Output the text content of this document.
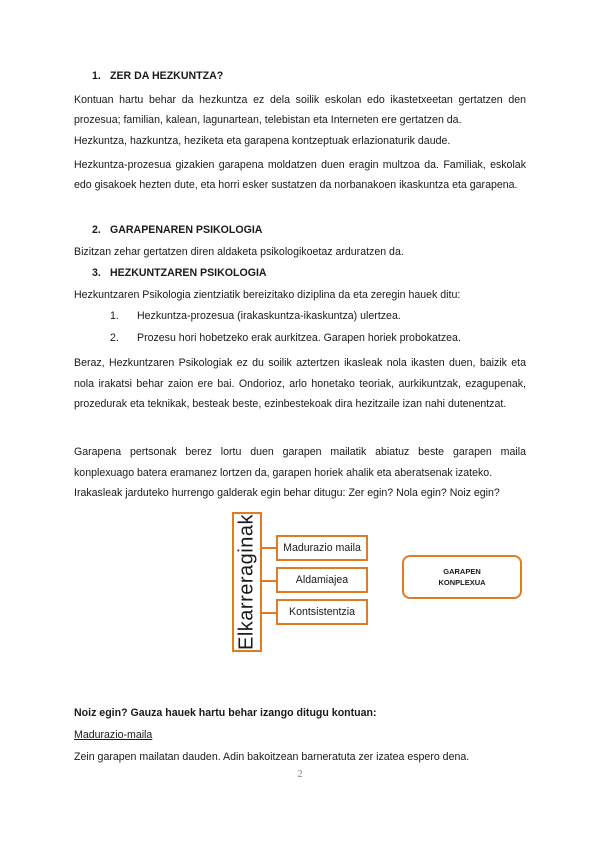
1. ZER DA HEZKUNTZA?
Kontuan hartu behar da hezkuntza ez dela soilik eskolan edo ikastetxeetan gertatzen den prozesua; familian, kalean, lagunartean, telebistan eta Interneten ere gertatzen da.
Hezkuntza, hazkuntza, heziketa eta garapena kontzeptuak erlazionaturik daude.
Hezkuntza-prozesua gizakien garapena moldatzen duen eragin multzoa da. Familiak, eskolak edo gisakoek hezten dute, eta horri esker sustatzen da norbanakoen ikaskuntza eta garapena.
2. GARAPENAREN PSIKOLOGIA
Bizitzan zehar gertatzen diren aldaketa psikologikoetaz arduratzen da.
3. HEZKUNTZAREN PSIKOLOGIA
Hezkuntzaren Psikologia zientziatik bereizitako diziplina da eta zeregin hauek ditu:
1. Hezkuntza-prozesua (irakaskuntza-ikaskuntza) ulertzea.
2. Prozesu hori hobetzeko erak aurkitzea. Garapen horiek probokatzea.
Beraz, Hezkuntzaren Psikologiak ez du soilik aztertzen ikasleak nola ikasten duen, baizik eta nola irakatsi behar zaion ere bai. Ondorioz, arlo honetako teoriak, aurkikuntzak, ezagupenak, prozedurak eta teknikak, besteak beste, ezinbestekoak dira hezitzaile izan nahi dutenentzat.
Garapena pertsonak berez lortu duen garapen mailatik abiatuz beste garapen maila konplexuago batera eramanez lortzen da, garapen horiek ahalik eta aberatsenak izateko.
Irakasleak jarduteko hurrengo galderak egin behar ditugu: Zer egin? Nola egin? Noiz egin?
Elkarreraginak	Madurazio maila
Aldamiajea
Kontsistentzia
GARAPEN KONPLEXUA
Noiz egin? Gauza hauek hartu behar izango ditugu kontuan:
Madurazio-maila
Zein garapen mailatan dauden. Adin bakoitzean barneratuta zer izatea espero dena.
2
